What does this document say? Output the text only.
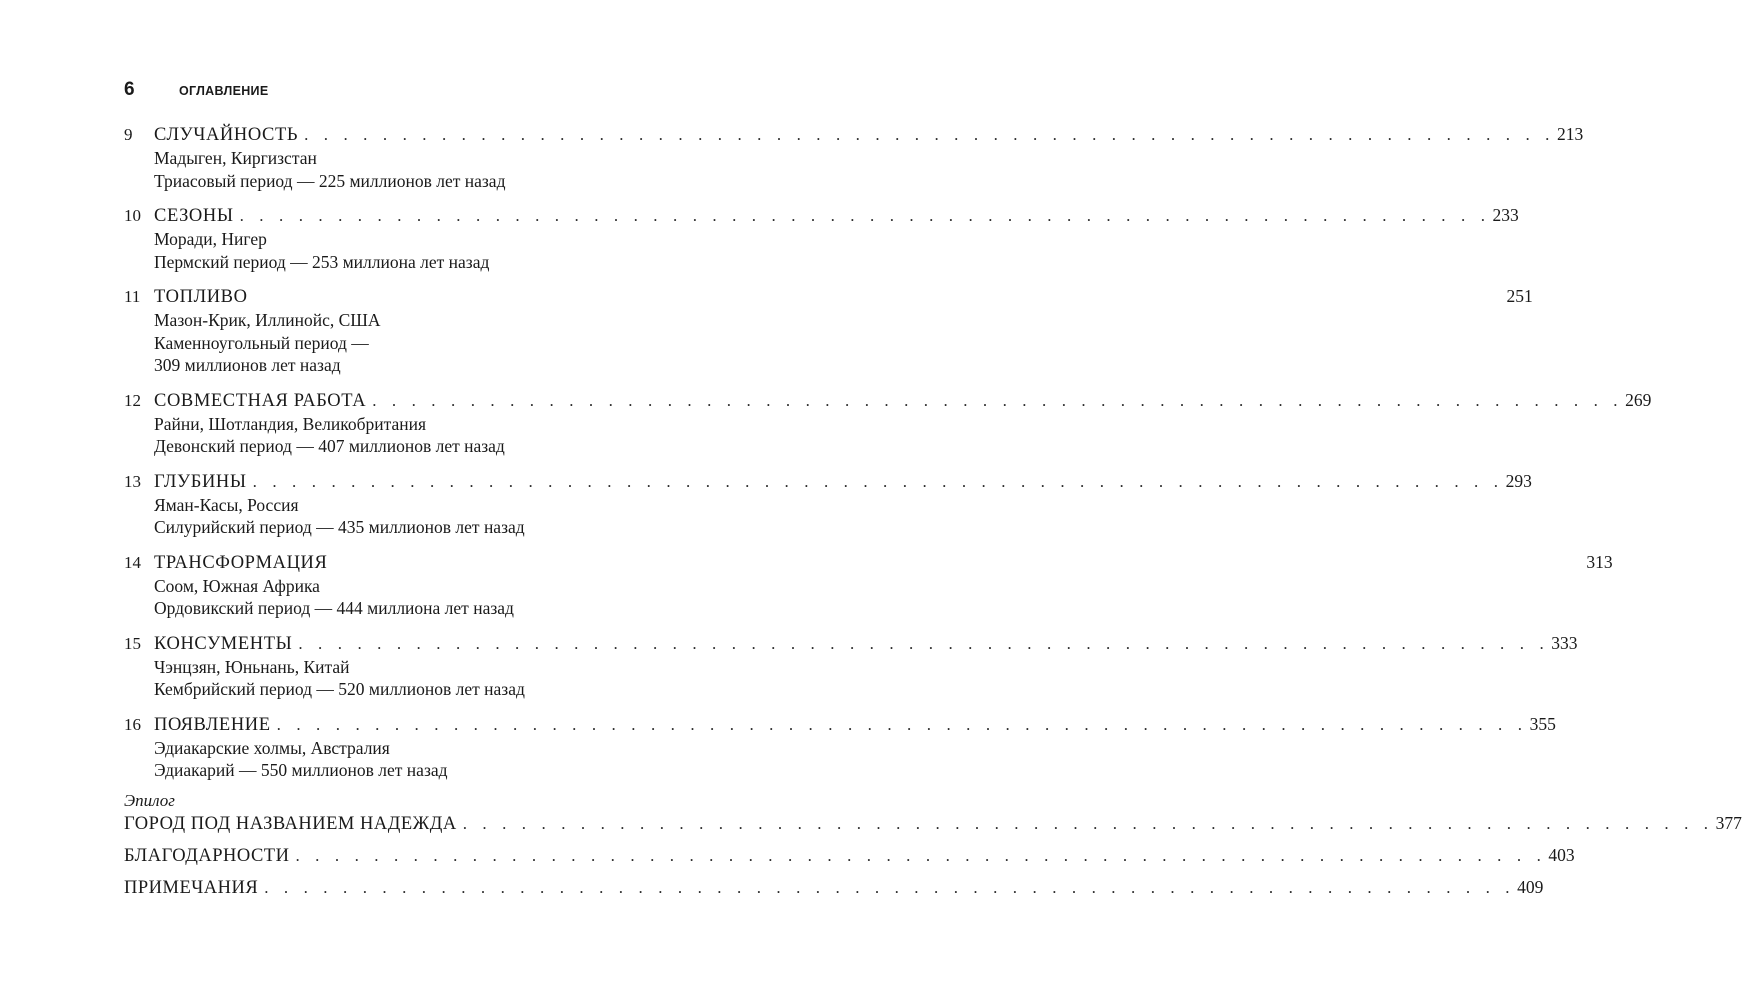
6	ОГЛАВЛЕНИЕ
9	СЛУЧАЙНОСТЬ . . . . . . . . . . . . . . . . . . . . . . . . . . . . . . . . . . . . . . . . . . . . . . . . . . . . . . . . . . . . . . . . 213
Мадыген, Киргизстан
Триасовый период — 225 миллионов лет назад
10 СЕЗОНЫ . . . . . . . . . . . . . . . . . . . . . . . . . . . . . . . . . . . . . . . . . . . . . . . . . . . . . . . . . . . . . . . . 233
Моради, Нигер
Пермский период — 253 миллиона лет назад
11 ТОПЛИВО	251
Мазон-Крик, Иллинойс, США
Каменноугольный период —
309 миллионов лет назад
12 СОВМЕСТНАЯ РАБОТА . . . . . . . . . . . . . . . . . . . . . . . . . . . . . . . . . . . . . . . . . . . . . . . . . . . . . . . . . . . . . . . . 269
Райни, Шотландия, Великобритания
Девонский период — 407 миллионов лет назад
13 ГЛУБИНЫ . . . . . . . . . . . . . . . . . . . . . . . . . . . . . . . . . . . . . . . . . . . . . . . . . . . . . . . . . . . . . . . . 293
Яман-Касы, Россия
Силурийский период — 435 миллионов лет назад
14 ТРАНСФОРМАЦИЯ	313
Соом, Южная Африка
Ордовикский период — 444 миллиона лет назад
15 КОНСУМЕНТЫ . . . . . . . . . . . . . . . . . . . . . . . . . . . . . . . . . . . . . . . . . . . . . . . . . . . . . . . . . . . . . . . . 333
Чэнцзян, Юньнань, Китай
Кембрийский период — 520 миллионов лет назад
16 ПОЯВЛЕНИЕ . . . . . . . . . . . . . . . . . . . . . . . . . . . . . . . . . . . . . . . . . . . . . . . . . . . . . . . . . . . . . . . . 355
Эдиакарские холмы, Австралия
Эдиакарий — 550 миллионов лет назад
Эпилог
ГОРОД ПОД НАЗВАНИЕМ НАДЕЖДА . . . . . . . . . . . . . . . . . . . . . . . . . . . . . . . . . . . . . . . . . . . . . . . . . . . . . . . . . . . . . . . . 377
БЛАГОДАРНОСТИ . . . . . . . . . . . . . . . . . . . . . . . . . . . . . . . . . . . . . . . . . . . . . . . . . . . . . . . . . . . . . . . . 403
ПРИМЕЧАНИЯ . . . . . . . . . . . . . . . . . . . . . . . . . . . . . . . . . . . . . . . . . . . . . . . . . . . . . . . . . . . . . . . . 409
